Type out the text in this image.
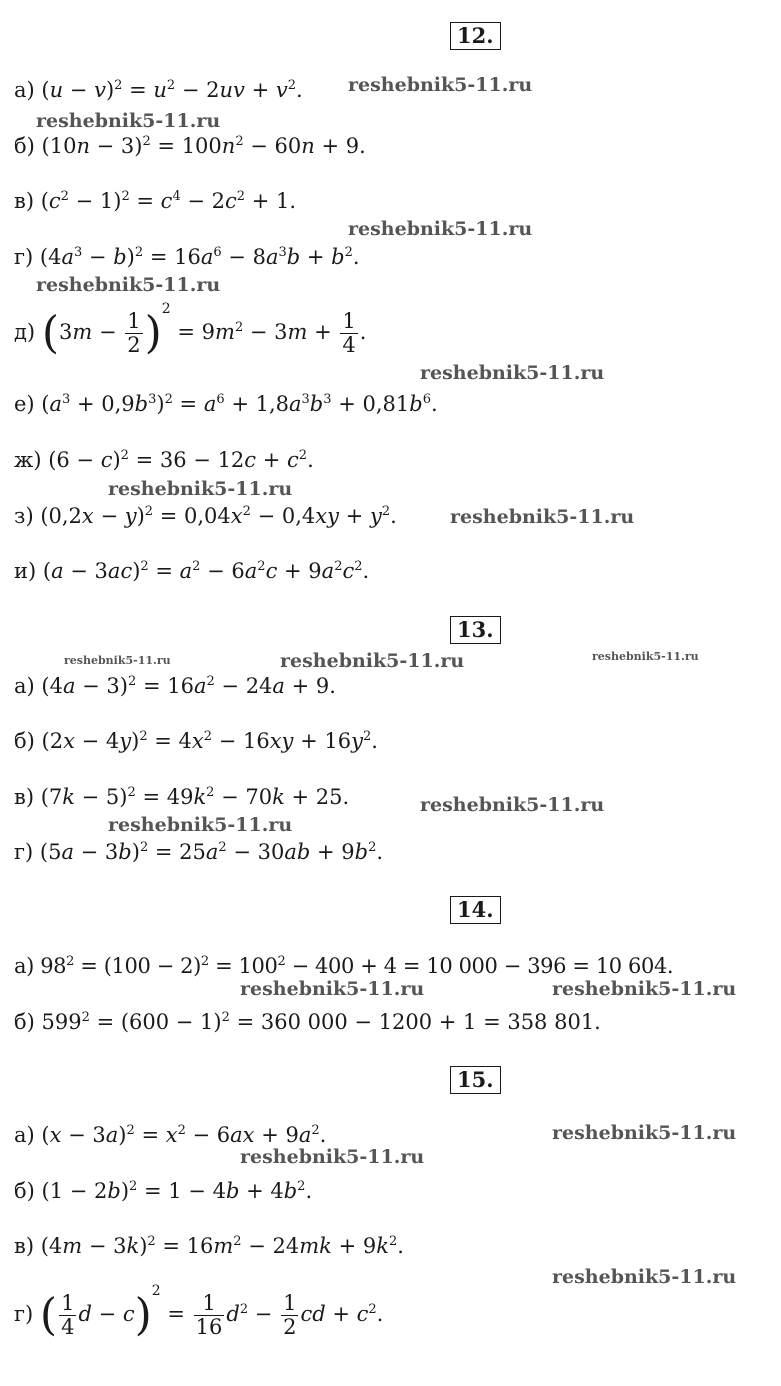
12.
а) $(u - v)^2 = u^2 - 2uv + v^2$.
б) $(10n - 3)^2 = 100n^2 - 60n + 9$.
в) $(c^2 - 1)^2 = c^4 - 2c^2 + 1$.
г) $(4a^3 - b)^2 = 16a^6 - 8a^3b + b^2$.
д) $(3m - \frac{1}{2} )^2 = 9m^2 - 3m + \frac{1}{4}$ .
е) $(a^3 + 0,9b^3)^2 = a^6 + 1,8a^3b^3 + 0,81b^6$.
ж) $(6 - c)^2 = 36 - 12c + c^2$.
з) $(0,2x - y)^2 = 0,04x^2 - 0,4xy + y^2$.
и) $(a - 3ac)^2 = a^2 - 6a^2c + 9a^2c^2$.
13.
а) $(4a - 3)^2 = 16a^2 - 24a + 9$.
б) $(2x - 4y)^2 = 4x^2 - 16xy + 16y^2$.
в) $(7k - 5)^2 = 49k^2 - 70k + 25$.
г) $(5a - 3b)^2 = 25a^2 - 30ab + 9b^2$.
14.
а) $98^2 = (100 - 2)^2 = 100^2 - 400 + 4 = 10$ 000 − 396 = 10 604.
б) $599^2 = (600 - 1)^2 = 360$ 000 − 1200 + 1 = 358 801.
15.
а) $(x - 3a)^2 = x^2 - 6ax + 9a^2$.
б) $(1 - 2b)^2 = 1 - 4b + 4b^2$.
в) $(4m - 3k)^2 = 16m^2 - 24mk + 9k^2$.
г) ( $\frac{1}{4}$ $d - c)^2 = \frac{1}{16} d^2 - \frac{1}{2}$ cd + $c^2$.
reshebnik5-11.ru
reshebnik5-11.ru
reshebnik5-11.ru
reshebnik5-11.ru
reshebnik5-11.ru
reshebnik5-11.ru
reshebnik5-11.ru
reshebnik5-11.ru	reshebnik5-11.ru	reshebnik5-11.ru
reshebnik5-11.ru
reshebnik5-11.ru
reshebnik5-11.ru	reshebnik5-11.ru
reshebnik5-11.ru
reshebnik5-11.ru
reshebnik5-11.ru
